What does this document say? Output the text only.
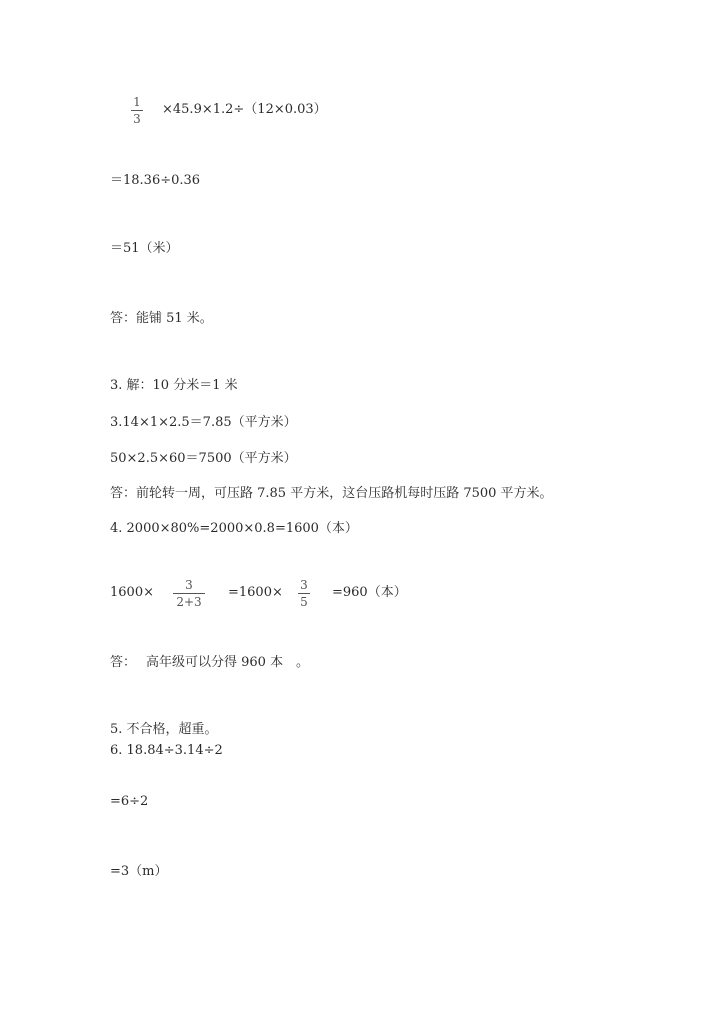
1
3
×45.9×1.2÷（12×0.03）
＝18.36÷0.36
＝51（米）
答：能铺 51 米。
3. 解：10 分米＝1 米
3.14×1×2.5＝7.85（平方米）
50×2.5×60＝7500（平方米）
答：前轮转一周，可压路 7.85 平方米，这台压路机每时压路 7500 平方米。
4. 2000×80%=2000×0.8=1600（本）
1600×	3
2+3
=1600× 3
5
=960（本）
答： 高年级可以分得 960 本 。
5. 不合格，超重。
6. 18.84÷3.14÷2
=6÷2
=3（m）
